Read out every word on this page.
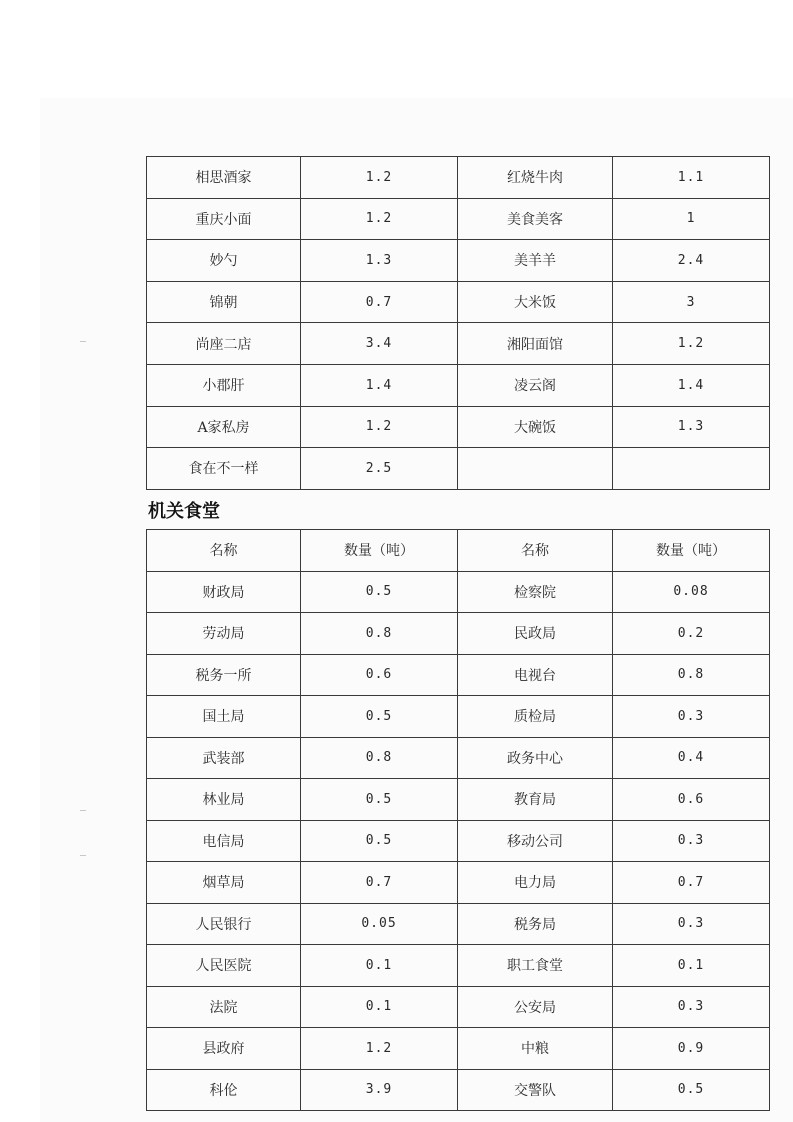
相思酒家	1.2	红烧牛肉	1.1
重庆小面	1.2	美食美客	1
妙勺	1.3	美羊羊	2.4
锦朝	0.7	大米饭	3
尚座二店	3.4	湘阳面馆	1.2
小郡肝	1.4	凌云阁	1.4
A家私房	1.2	大碗饭	1.3
食在不一样	2.5		
机关食堂
名称	数量（吨）	名称	数量（吨）
财政局	0.5	检察院	0.08
劳动局	0.8	民政局	0.2
税务一所	0.6	电视台	0.8
国土局	0.5	质检局	0.3
武装部	0.8	政务中心	0.4
林业局	0.5	教育局	0.6
电信局	0.5	移动公司	0.3
烟草局	0.7	电力局	0.7
人民银行	0.05	税务局	0.3
人民医院	0.1	职工食堂	0.1
法院	0.1	公安局	0.3
县政府	1.2	中粮	0.9
科伦	3.9	交警队	0.5
